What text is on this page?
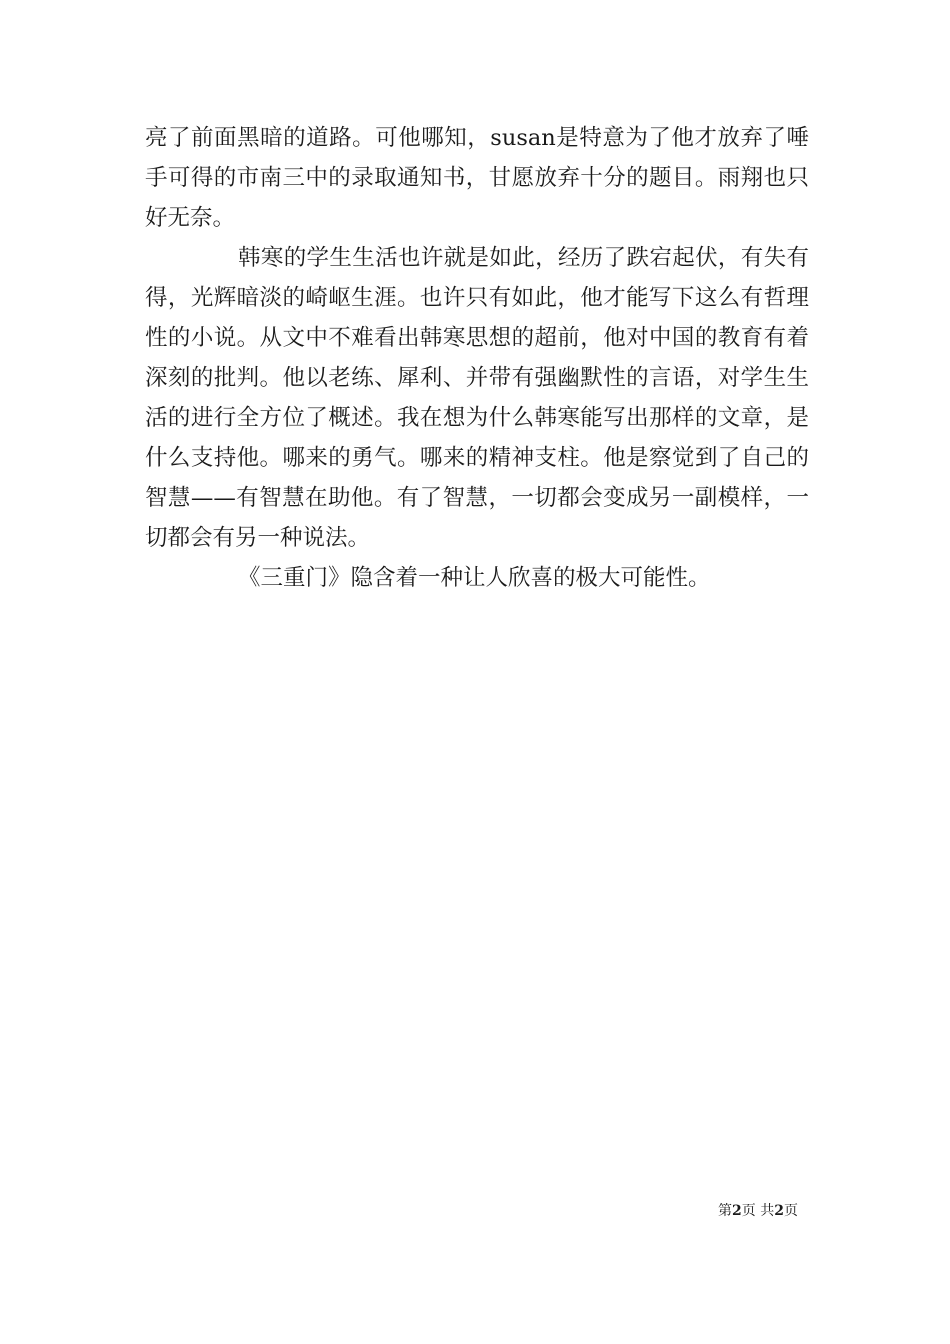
亮了前面黑暗的道路。可他哪知，susan是特意为了他才放弃了唾
手可得的市南三中的录取通知书，甘愿放弃十分的题目。雨翔也只
好无奈。
韩寒的学生生活也许就是如此，经历了跌宕起伏，有失有
得，光辉暗淡的崎岖生涯。也许只有如此，他才能写下这么有哲理
性的小说。从文中不难看出韩寒思想的超前，他对中国的教育有着
深刻的批判。他以老练、犀利、并带有强幽默性的言语，对学生生
活的进行全方位了概述。我在想为什么韩寒能写出那样的文章，是
什么支持他。哪来的勇气。哪来的精神支柱。他是察觉到了自己的
智慧——有智慧在助他。有了智慧，一切都会变成另一副模样，一
切都会有另一种说法。
《三重门》隐含着一种让人欣喜的极大可能性。
第2页 共2页
